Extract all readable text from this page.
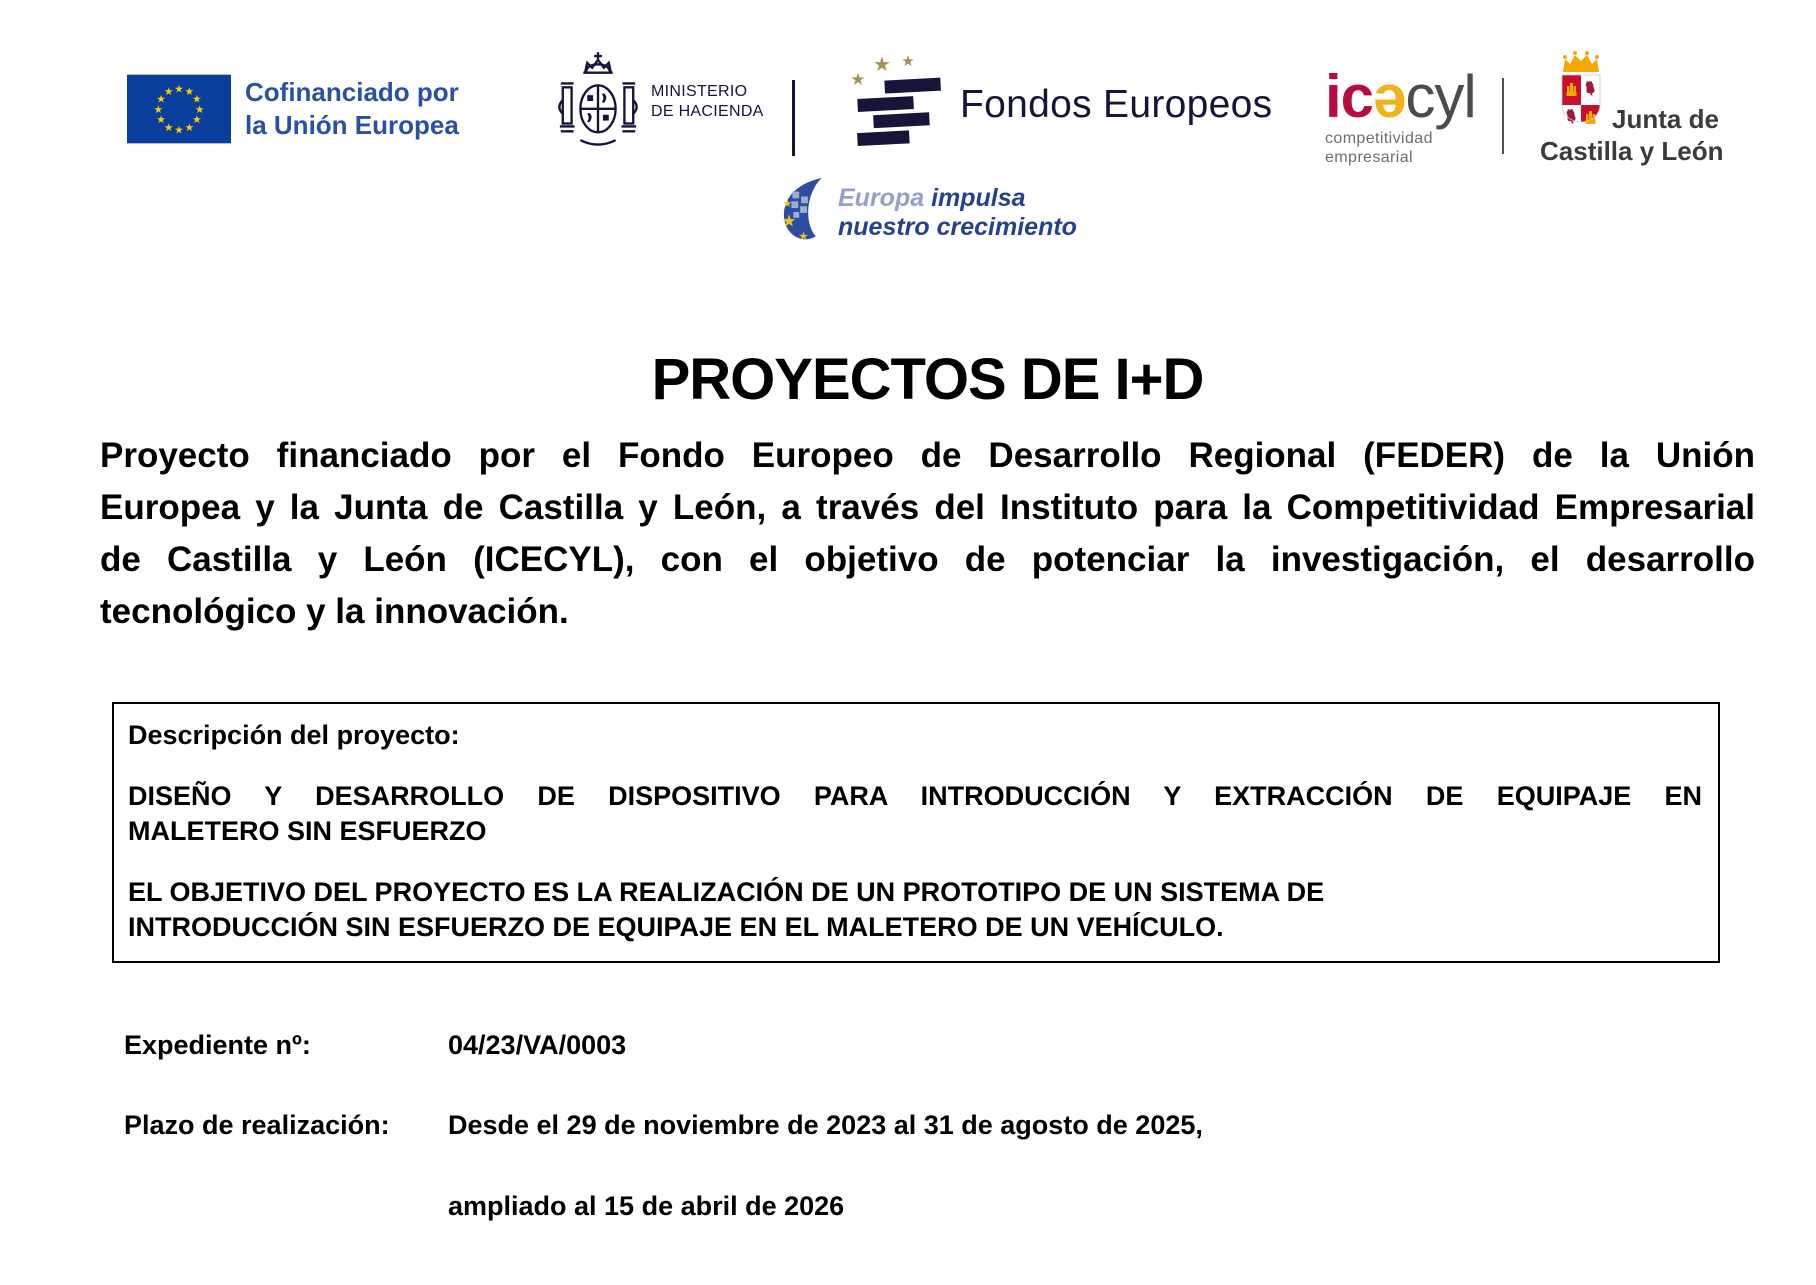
★ ★
★
★
★
★
★
★
★
★
★
★	Cofinanciado por
la Unión Europea
MINISTERIO
DE HACIENDA
★ ★
★
Fondos Europeos icǝcyl
competitividad
empresarial
Junta de
Castilla y León
★
★
★
Europa impulsa
nuestro crecimiento
PROYECTOS DE I+D
Proyecto financiado por el Fondo Europeo de Desarrollo Regional (FEDER) de la Unión
Europea y la Junta de Castilla y León, a través del Instituto para la Competitividad Empresarial
de Castilla y León (ICECYL), con el objetivo de potenciar la investigación, el desarrollo
tecnológico y la innovación.
Descripción del proyecto:
DISEÑO Y DESARROLLO DE DISPOSITIVO PARA INTRODUCCIÓN Y EXTRACCIÓN DE EQUIPAJE EN
MALETERO SIN ESFUERZO
EL OBJETIVO DEL PROYECTO ES LA REALIZACIÓN DE UN PROTOTIPO DE UN SISTEMA DE
INTRODUCCIÓN SIN ESFUERZO DE EQUIPAJE EN EL MALETERO DE UN VEHÍCULO.
Expediente nº:	04/23/VA/0003
Plazo de realización: Desde el 29 de noviembre de 2023 al 31 de agosto de 2025,
ampliado al 15 de abril de 2026
